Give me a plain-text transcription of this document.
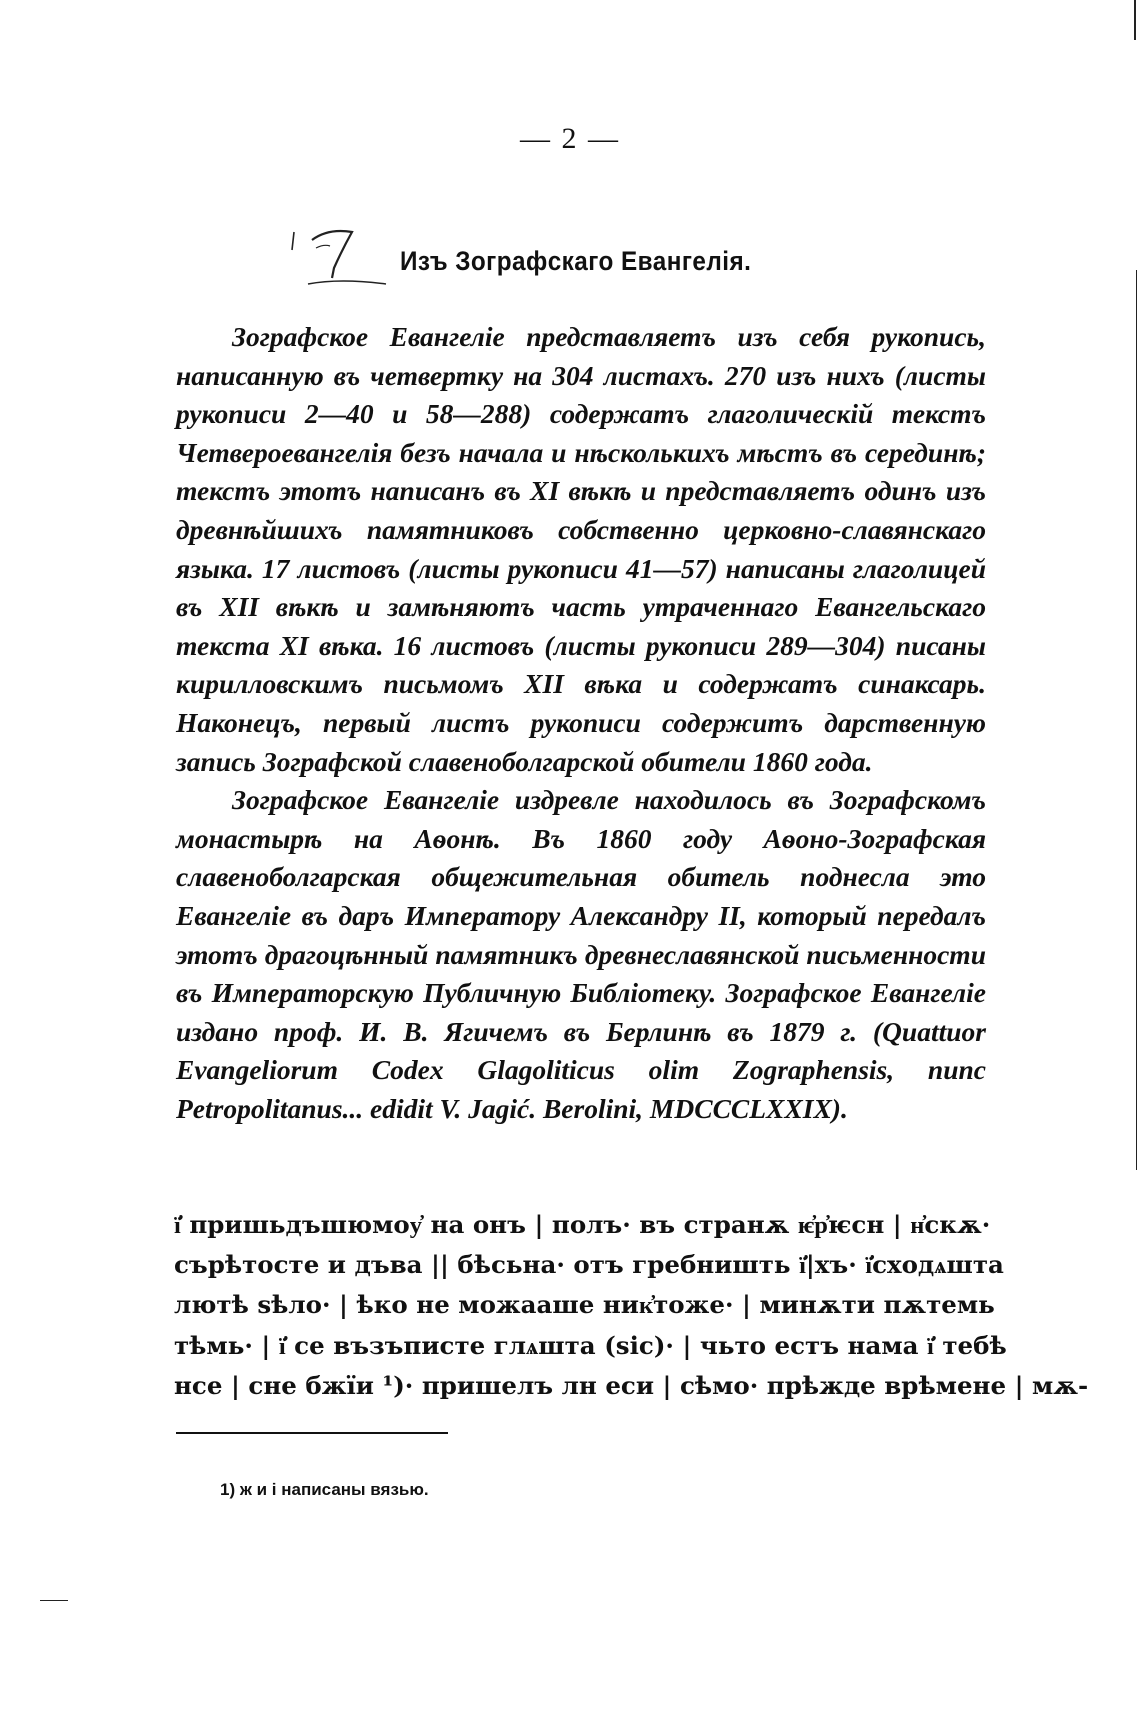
— 2 —
Изъ Зографскаго Евангелія.

Зографское Евангеліе представляетъ изъ себя рукопись, написанную въ четвертку на 304 листахъ. 270 изъ нихъ (листы рукописи 2—40 и 58—288) содержатъ глаголическій текстъ Четвероевангелія безъ начала и нѣсколькихъ мѣстъ въ серединѣ; текстъ этотъ написанъ въ XI вѣкѣ и представляетъ одинъ изъ древнѣйшихъ памятниковъ собственно церковно-славянскаго языка. 17 листовъ (листы рукописи 41—57) написаны глаголицей въ XII вѣкѣ и замѣняютъ часть утраченнаго Евангельскаго текста XI вѣка. 16 листовъ (листы рукописи 289—304) писаны кирилловскимъ письмомъ XII вѣка и содержатъ синаксарь. Наконецъ, первый листъ рукописи содержитъ дарственную запись Зографской славеноболгарской обители 1860 года.

Зографское Евангеліе издревле находилось въ Зографскомъ монастырѣ на Аѳонѣ. Въ 1860 году Аѳоно-Зографская славеноболгарская общежительная обитель поднесла это Евангеліе въ даръ Императору Александру II, который передалъ этотъ драгоцѣнный памятникъ древнеславянской письменности въ Императорскую Публичную Библіотеку. Зографское Евангеліе издано проф. И. В. Ягичемъ въ Берлинѣ въ 1879 г. (Quattuor Evangeliorum Codex Glagoliticus olim Zographensis, nunc Petropolitanus... edidit V. Jagić. Berolini, MDCCCLXXIX).

ї҆ пришьдъшюмоу҆ на онъ | полъ· въ странѫ ѥ҆р҆ѥсн | н҆скѫ·
сърѣтосте и дъва || бѣсьна· отъ гребништь ї҆|хъ· ї҆сходѧшта
лютѣ ѕѣло· | ѣко не можааше ник҆тоже· | минѫти пѫтемь
тѣмь· | ї҆ се възъписте глѧшта (sic)· | чьто естъ нама ї҆ тебѣ
нсе | сне бжїи ¹)· пришелъ лн еси | сѣмо· прѣжде врѣмене | мѫ-
1) ж и і написаны вязью.
